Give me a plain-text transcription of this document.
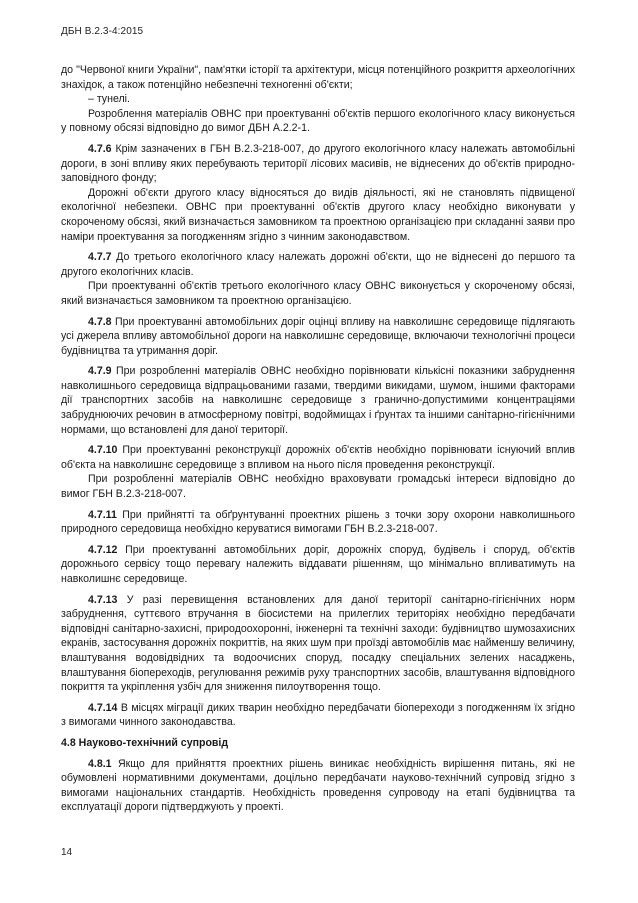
ДБН В.2.3-4:2015

до "Червоної книги України", пам'ятки історії та архітектури, місця потенційного розкриття археологічних знахідок, а також потенційно небезпечні техногенні об'єкти;

– тунелі.

Розроблення матеріалів ОВНС при проектуванні об'єктів першого екологічного класу виконується у повному обсязі відповідно до вимог ДБН А.2.2-1.

4.7.6 Крім зазначених в ГБН В.2.3-218-007, до другого екологічного класу належать автомобільні дороги, в зоні впливу яких перебувають території лісових масивів, не віднесених до об'єктів природно-заповідного фонду;

Дорожні об'єкти другого класу відносяться до видів діяльності, які не становлять підвищеної екологічної небезпеки. ОВНС при проектуванні об'єктів другого класу необхідно виконувати у скороченому обсязі, який визначається замовником та проектною організацією при складанні заяви про наміри проектування за погодженням згідно з чинним законодавством.

4.7.7 До третього екологічного класу належать дорожні об'єкти, що не віднесені до першого та другого екологічних класів.

При проектуванні об'єктів третього екологічного класу ОВНС виконується у скороченому обсязі, який визначається замовником та проектною організацією.

4.7.8 При проектуванні автомобільних доріг оцінці впливу на навколишнє середовище підлягають усі джерела впливу автомобільної дороги на навколишнє середовище, включаючи технологічні процеси будівництва та утримання доріг.

4.7.9 При розробленні матеріалів ОВНС необхідно порівнювати кількісні показники забруднення навколишнього середовища відпрацьованими газами, твердими викидами, шумом, іншими факторами дії транспортних засобів на навколишнє середовище з гранично-допустимими концентраціями забруднюючих речовин в атмосферному повітрі, водоймищах і ґрунтах та іншими санітарно-гігієнічними нормами, що встановлені для даної території.

4.7.10 При проектуванні реконструкції дорожніх об'єктів необхідно порівнювати існуючий вплив об'єкта на навколишнє середовище з впливом на нього після проведення реконструкції.

При розробленні матеріалів ОВНС необхідно враховувати громадські інтереси відповідно до вимог ГБН В.2.3-218-007.

4.7.11 При прийнятті та обґрунтуванні проектних рішень з точки зору охорони навколишнього природного середовища необхідно керуватися вимогами ГБН В.2.3-218-007.

4.7.12 При проектуванні автомобільних доріг, дорожніх споруд, будівель і споруд, об'єктів дорожнього сервісу тощо перевагу належить віддавати рішенням, що мінімально впливатимуть на навколишнє середовище.

4.7.13 У разі перевищення встановлених для даної території санітарно-гігієнічних норм забруднення, суттєвого втручання в біосистеми на прилеглих територіях необхідно передбачати відповідні санітарно-захисні, природоохоронні, інженерні та технічні заходи: будівництво шумозахисних екранів, застосування дорожніх покриттів, на яких шум при проїзді автомобілів має найменшу величину, влаштування водовідвідних та водоочисних споруд, посадку спеціальних зелених насаджень, влаштування біопереходів, регулювання режимів руху транспортних засобів, влаштування відповідного покриття та укріплення узбіч для зниження пилоутворення тощо.

4.7.14 В місцях міграції диких тварин необхідно передбачати біопереходи з погодженням їх згідно з вимогами чинного законодавства.

4.8 Науково-технічний супровід

4.8.1 Якщо для прийняття проектних рішень виникає необхідність вирішення питань, які не обумовлені нормативними документами, доцільно передбачати науково-технічний супровід згідно з вимогами національних стандартів. Необхідність проведення супроводу на етапі будівництва та експлуатації дороги підтверджують у проекті.

14
